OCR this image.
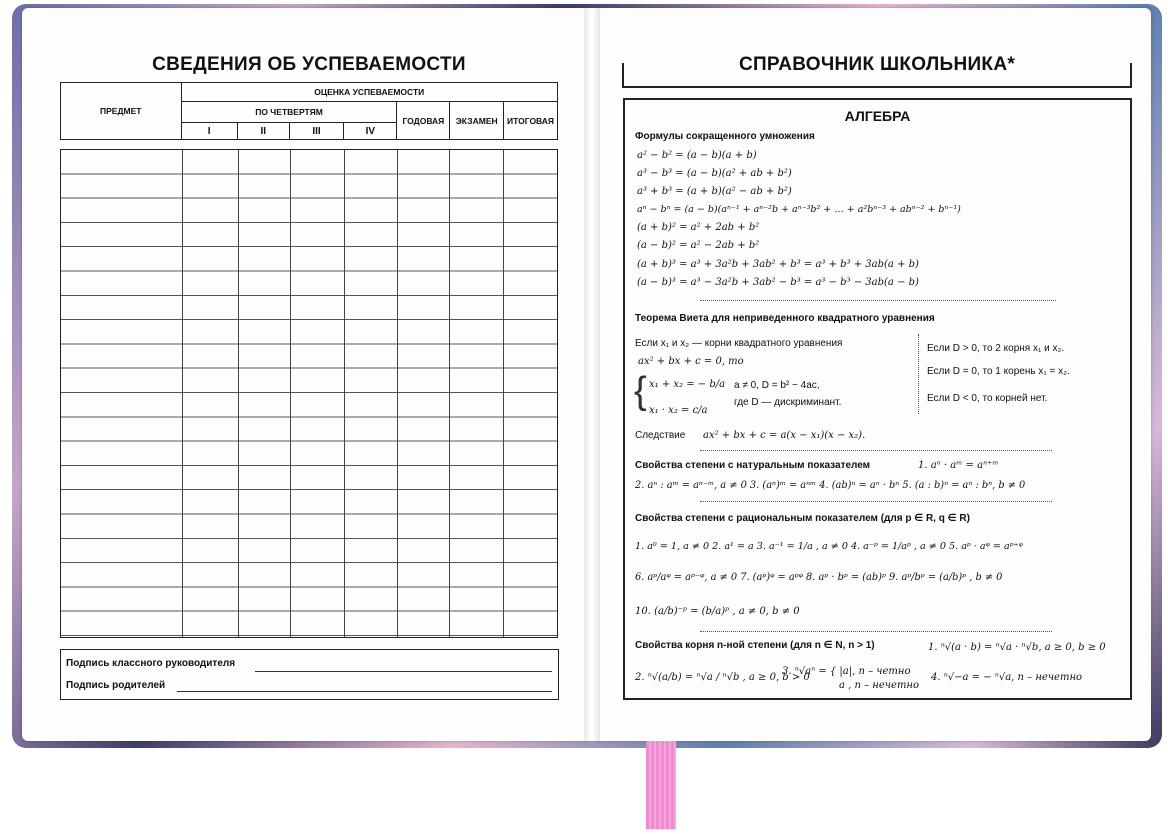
СВЕДЕНИЯ ОБ УСПЕВАЕМОСТИ
ПРЕДМЕТ	ОЦЕНКА УСПЕВАЕМОСТИ						
	ПО ЧЕТВЕРТЯМ				ГОДОВАЯ	ЭКЗАМЕН	ИТОГОВАЯ
	I	II	III	IV			
Подпись классного руководителя
Подпись родителей
СПРАВОЧНИК ШКОЛЬНИКА*
АЛГЕБРА
Формулы сокращенного умножения
a² − b² = (a − b)(a + b)
a³ − b³ = (a − b)(a² + ab + b²)
a³ + b³ = (a + b)(a² − ab + b²)
aⁿ − bⁿ = (a − b)(aⁿ⁻¹ + aⁿ⁻²b + aⁿ⁻³b² + … + a²bⁿ⁻³ + abⁿ⁻² + bⁿ⁻¹)
(a + b)² = a² + 2ab + b²
(a − b)² = a² − 2ab + b²
(a + b)³ = a³ + 3a²b + 3ab² + b³ = a³ + b³ + 3ab(a + b)
(a − b)³ = a³ − 3a²b + 3ab² − b³ = a³ − b³ − 3ab(a − b)
Теорема Виета для неприведенного квадратного уравнения
Если x₁ и x₂ — корни квадратного уравнения
ax² + bx + c = 0, то
{ x₁ + x₂ = − b/a
x₁ · x₂ = c/a
a ≠ 0, D = b² − 4ac,
где D — дискриминант.
Если D > 0, то 2 корня x₁ и x₂.
Если D = 0, то 1 корень x₁ = x₂.
Если D < 0, то корней нет.
Следствие ax² + bx + c = a(x − x₁)(x − x₂).
Свойства степени с натуральным показателем	1. aⁿ · aᵐ = aⁿ⁺ᵐ
2. aⁿ : aᵐ = aⁿ⁻ᵐ, a ≠ 0 3. (aⁿ)ᵐ = aⁿᵐ 4. (ab)ⁿ = aⁿ · bⁿ 5. (a : b)ⁿ = aⁿ : bⁿ, b ≠ 0
Свойства степени с рациональным показателем (для p ∈ R, q ∈ R)
1. a⁰ = 1, a ≠ 0 2. a¹ = a 3. a⁻¹ = 1/a , a ≠ 0 4. a⁻ᵖ = 1/aᵖ , a ≠ 0 5. aᵖ · aᵠ = aᵖ⁺ᵠ
6. aᵖ/aᵠ = aᵖ⁻ᵠ, a ≠ 0 7. (aᵖ)ᵠ = aᵖᵠ 8. aᵖ · bᵖ = (ab)ᵖ 9. aᵖ/bᵖ = (a/b)ᵖ , b ≠ 0
10. (a/b)⁻ᵖ = (b/a)ᵖ , a ≠ 0, b ≠ 0
Свойства корня n-ной степени (для n ∈ N, n > 1)	1. ⁿ√(a · b) = ⁿ√a · ⁿ√b, a ≥ 0, b ≥ 0
2. ⁿ√(a/b) = ⁿ√a / ⁿ√b , a ≥ 0, b > 0
3. ⁿ√aⁿ = { |a|, n – четно
a , n – нечетно
4. ⁿ√−a = − ⁿ√a, n – нечетно
